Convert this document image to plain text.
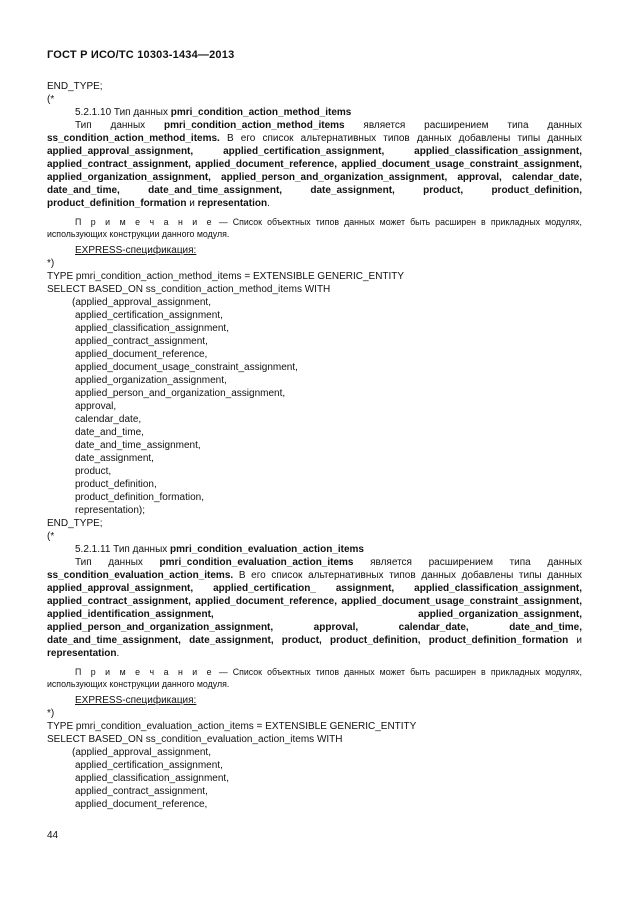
ГОСТ Р ИСО/ТС 10303-1434—2013
END_TYPE;
(*
5.2.1.10 Тип данных pmri_condition_action_method_items
Тип данных pmri_condition_action_method_items является расширением типа данных ss_condition_action_method_items. В его список альтернативных типов данных добавлены типы данных applied_approval_assignment, applied_certification_assignment, applied_classification_assignment, applied_contract_assignment, applied_document_reference, applied_document_usage_constraint_assignment, applied_organization_assignment, applied_person_and_organization_assignment, approval, calendar_date, date_and_time, date_and_time_assignment, date_assignment, product, product_definition, product_definition_formation и representation.
П р и м е ч а н и е — Список объектных типов данных может быть расширен в прикладных модулях, использующих конструкции данного модуля.
EXPRESS-спецификация:
*)
TYPE pmri_condition_action_method_items = EXTENSIBLE GENERIC_ENTITY
SELECT BASED_ON ss_condition_action_method_items WITH
(applied_approval_assignment,
applied_certification_assignment,
applied_classification_assignment,
applied_contract_assignment,
applied_document_reference,
applied_document_usage_constraint_assignment,
applied_organization_assignment,
applied_person_and_organization_assignment,
approval,
calendar_date,
date_and_time,
date_and_time_assignment,
date_assignment,
product,
product_definition,
product_definition_formation,
representation);
END_TYPE;
(*
5.2.1.11 Тип данных pmri_condition_evaluation_action_items
Тип данных pmri_condition_evaluation_action_items является расширением типа данных ss_condition_evaluation_action_items. В его список альтернативных типов данных добавлены типы данных applied_approval_assignment, applied_certification_ assignment, applied_classification_assignment, applied_contract_assignment, applied_document_reference, applied_document_usage_constraint_assignment, applied_identification_assignment, applied_organization_assignment, applied_person_and_organization_assignment, approval, calendar_date, date_and_time, date_and_time_assignment, date_assignment, product, product_definition, product_definition_formation и representation.
П р и м е ч а н и е — Список объектных типов данных может быть расширен в прикладных модулях, использующих конструкции данного модуля.
EXPRESS-спецификация:
*)
TYPE pmri_condition_evaluation_action_items = EXTENSIBLE GENERIC_ENTITY
SELECT BASED_ON ss_condition_evaluation_action_items WITH
(applied_approval_assignment,
applied_certification_assignment,
applied_classification_assignment,
applied_contract_assignment,
applied_document_reference,
44
